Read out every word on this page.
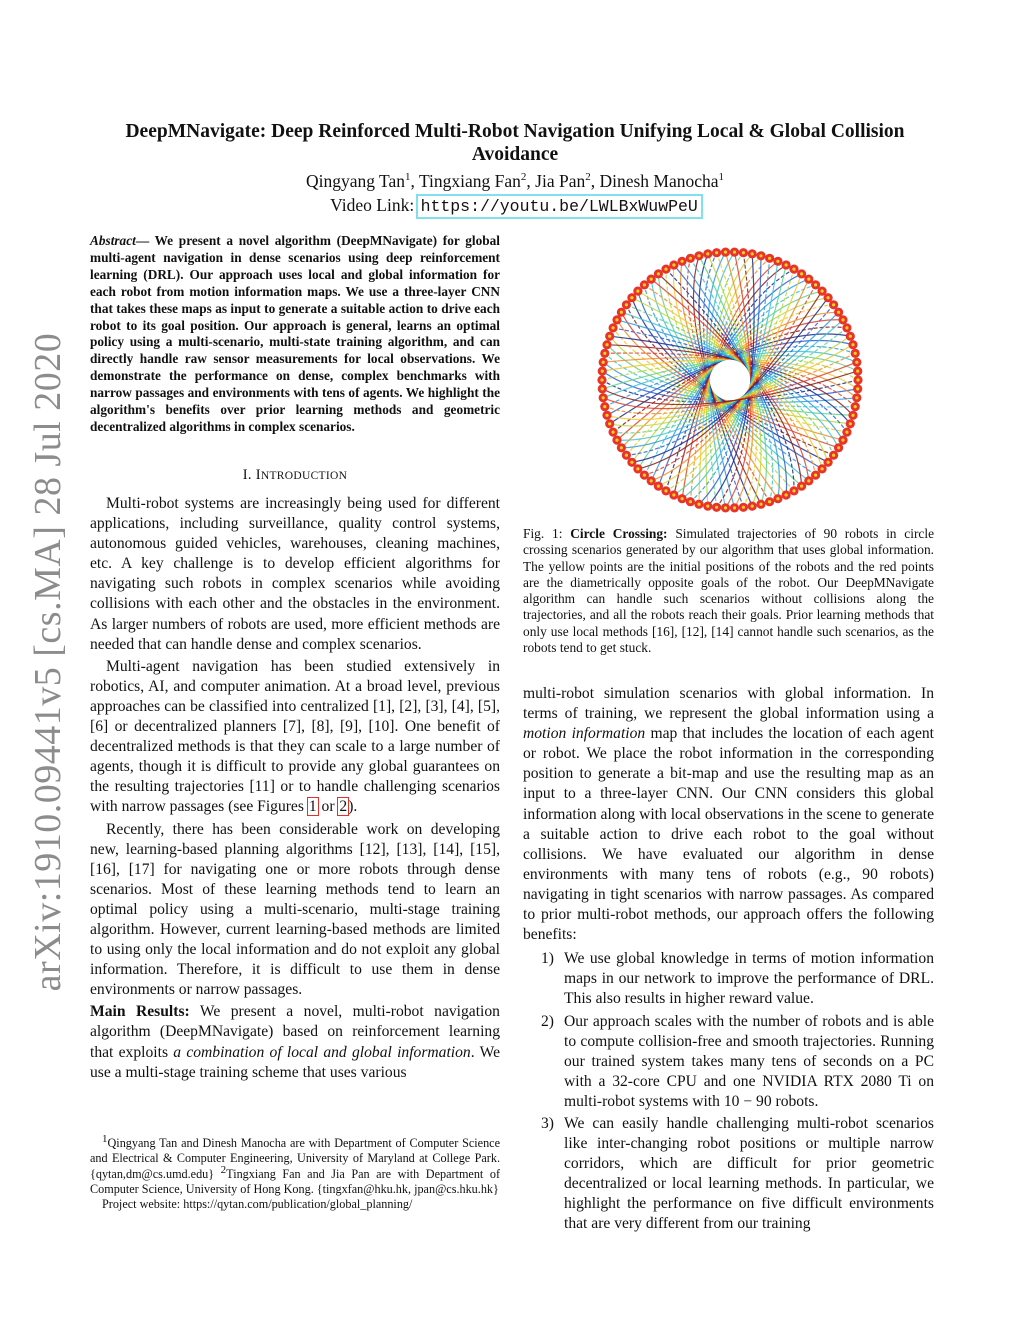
arXiv:1910.09441v5 [cs.MA] 28 Jul 2020
DeepMNavigate: Deep Reinforced Multi-Robot Navigation Unifying Local & Global Collision
Avoidance
Qingyang Tan$^1$, Tingxiang Fan$^2$, Jia Pan$^2$, Dinesh Manocha$^1$
Video Link: https://youtu.be/LWLBxWuwPeU
Abstract— We present a novel algorithm (DeepMNavigate) for global multi-agent navigation in dense scenarios using deep reinforcement learning (DRL). Our approach uses local and global information for each robot from motion information maps. We use a three-layer CNN that takes these maps as input to generate a suitable action to drive each robot to its goal position. Our approach is general, learns an optimal policy using a multi-scenario, multi-state training algorithm, and can directly handle raw sensor measurements for local observations. We demonstrate the performance on dense, complex benchmarks with narrow passages and environments with tens of agents. We highlight the algorithm's benefits over prior learning methods and geometric decentralized algorithms in complex scenarios.
I. INTRODUCTION

Multi-robot systems are increasingly being used for different applications, including surveillance, quality control systems, autonomous guided vehicles, warehouses, cleaning machines, etc. A key challenge is to develop efficient algorithms for navigating such robots in complex scenarios while avoiding collisions with each other and the obstacles in the environment. As larger numbers of robots are used, more efficient methods are needed that can handle dense and complex scenarios.

Multi-agent navigation has been studied extensively in robotics, AI, and computer animation. At a broad level, previous approaches can be classified into centralized [1], [2], [3], [4], [5], [6] or decentralized planners [7], [8], [9], [10]. One benefit of decentralized methods is that they can scale to a large number of agents, though it is difficult to provide any global guarantees on the resulting trajectories [11] or to handle challenging scenarios with narrow passages (see Figures 1 or 2).

Recently, there has been considerable work on developing new, learning-based planning algorithms [12], [13], [14], [15], [16], [17] for navigating one or more robots through dense scenarios. Most of these learning methods tend to learn an optimal policy using a multi-scenario, multi-stage training algorithm. However, current learning-based methods are limited to using only the local information and do not exploit any global information. Therefore, it is difficult to use them in dense environments or narrow passages.

Main Results: We present a novel, multi-robot navigation algorithm (DeepMNavigate) based on reinforcement learning that exploits a combination of local and global information. We use a multi-stage training scheme that uses various

$^1$Qingyang Tan and Dinesh Manocha are with Department of Computer Science and Electrical & Computer Engineering, University of Maryland at College Park. {qytan,dm@cs.umd.edu} $^2$Tingxiang Fan and Jia Pan are with Department of Computer Science, University of Hong Kong. {tingxfan@hku.hk, jpan@cs.hku.hk}

Project website: https://qytan.com/publication/global_planning/

Fig. 1: Circle Crossing: Simulated trajectories of 90 robots in circle crossing scenarios generated by our algorithm that uses global information. The yellow points are the initial positions of the robots and the red points are the diametrically opposite goals of the robot. Our DeepMNavigate algorithm can handle such scenarios without collisions along the trajectories, and all the robots reach their goals. Prior learning methods that only use local methods [16], [12], [14] cannot handle such scenarios, as the robots tend to get stuck.

multi-robot simulation scenarios with global information. In terms of training, we represent the global information using a motion information map that includes the location of each agent or robot. We place the robot information in the corresponding position to generate a bit-map and use the resulting map as an input to a three-layer CNN. Our CNN considers this global information along with local observations in the scene to generate a suitable action to drive each robot to the goal without collisions. We have evaluated our algorithm in dense environments with many tens of robots (e.g., 90 robots) navigating in tight scenarios with narrow passages. As compared to prior multi-robot methods, our approach offers the following benefits:

1) We use global knowledge in terms of motion information maps in our network to improve the performance of DRL. This also results in higher reward value.
2) Our approach scales with the number of robots and is able to compute collision-free and smooth trajectories. Running our trained system takes many tens of seconds on a PC with a 32-core CPU and one NVIDIA RTX 2080 Ti on multi-robot systems with 10 − 90 robots.
3) We can easily handle challenging multi-robot scenarios like inter-changing robot positions or multiple narrow corridors, which are difficult for prior geometric decentralized or local learning methods. In particular, we highlight the performance on five difficult environments that are very different from our training
